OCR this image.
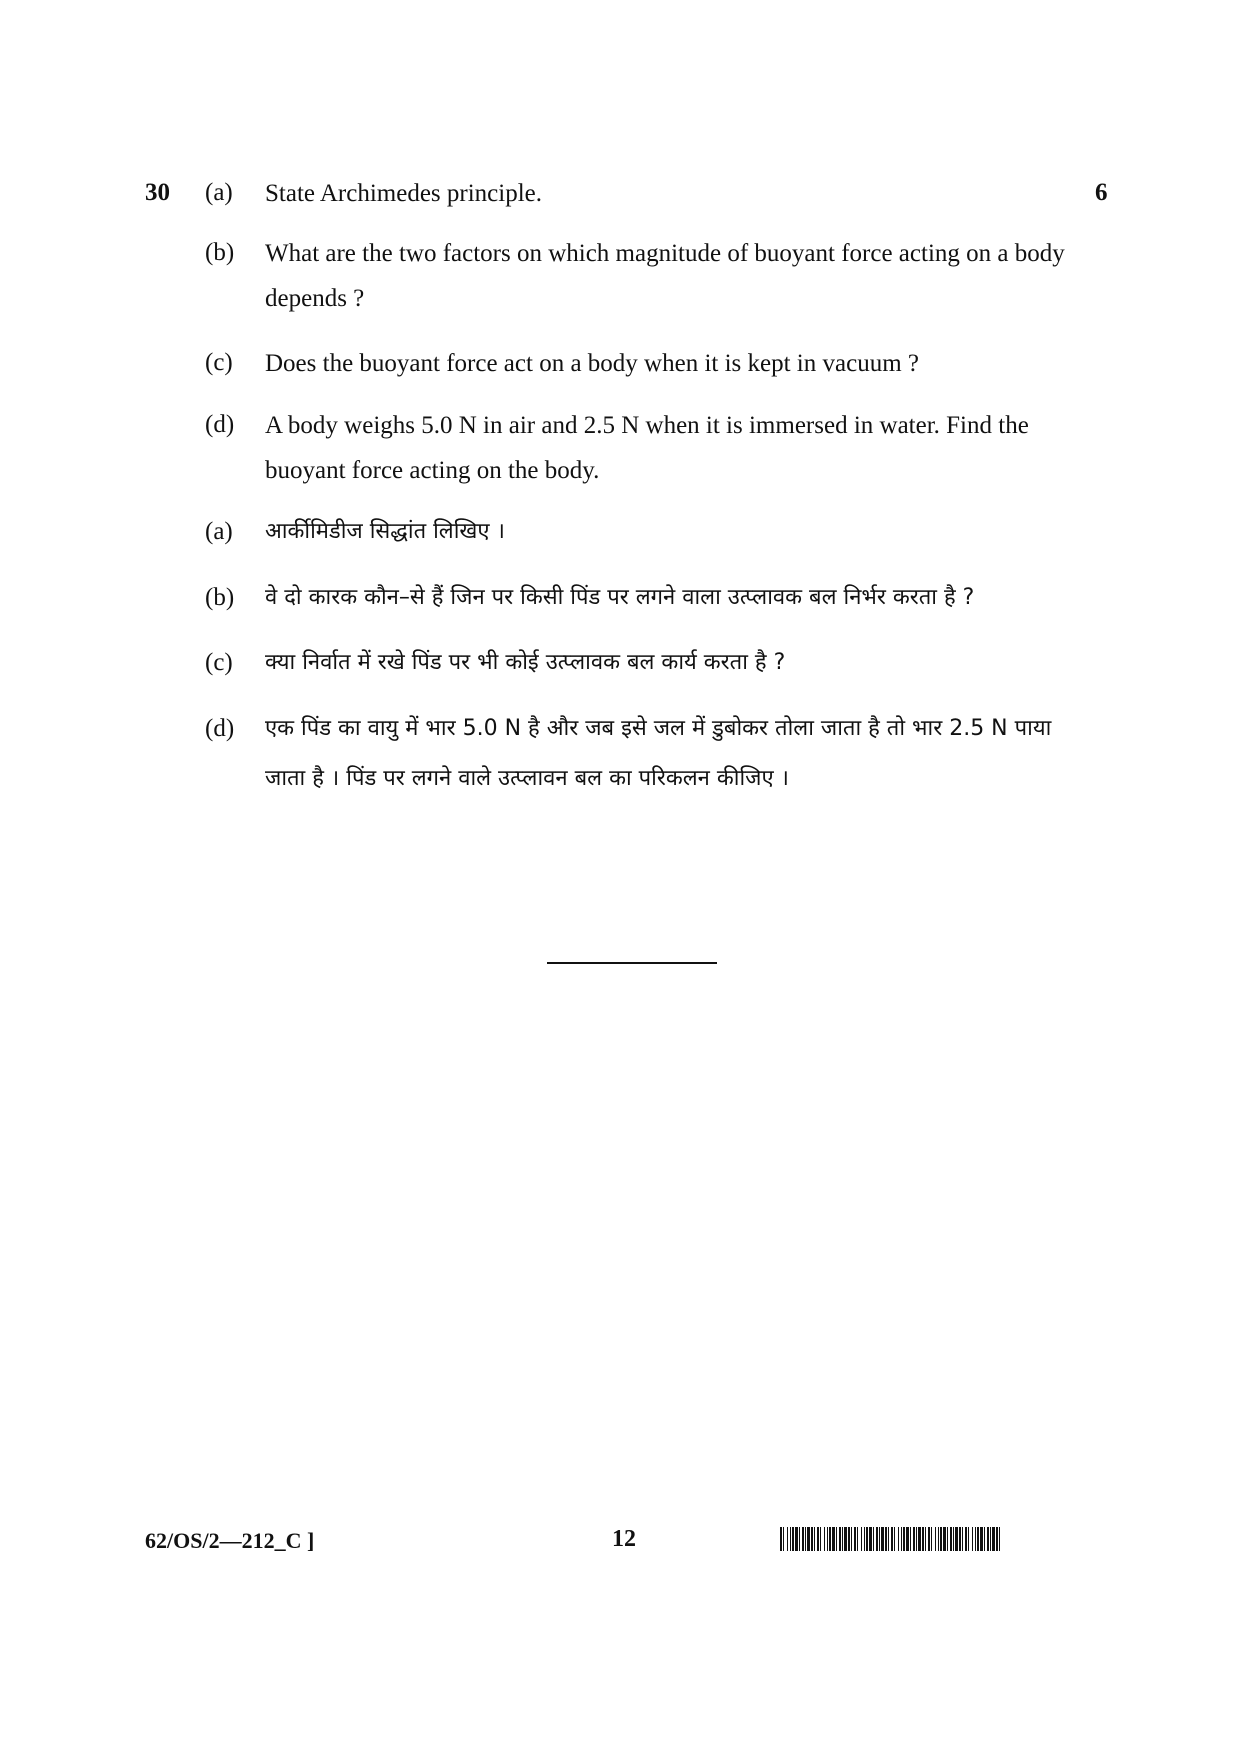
30	6
(a)	State Archimedes principle.
(b)	What are the two factors on which magnitude of buoyant force acting on a body depends ?
(c)	Does the buoyant force act on a body when it is kept in vacuum ?
(d)	A body weighs 5.0 N in air and 2.5 N when it is immersed in water. Find the buoyant force acting on the body.
(a)	आर्कीमिडीज सिद्धांत लिखिए ।
(b)	वे दो कारक कौन–से हैं जिन पर किसी पिंड पर लगने वाला उत्प्लावक बल निर्भर करता है ?
(c)	क्या निर्वात में रखे पिंड पर भी कोई उत्प्लावक बल कार्य करता है ?
(d)	एक पिंड का वायु में भार 5.0 N है और जब इसे जल में डुबोकर तोला जाता है तो भार 2.5 N पाया जाता है । पिंड पर लगने वाले उत्प्लावन बल का परिकलन कीजिए ।
62/OS/2—212_C ]	12
